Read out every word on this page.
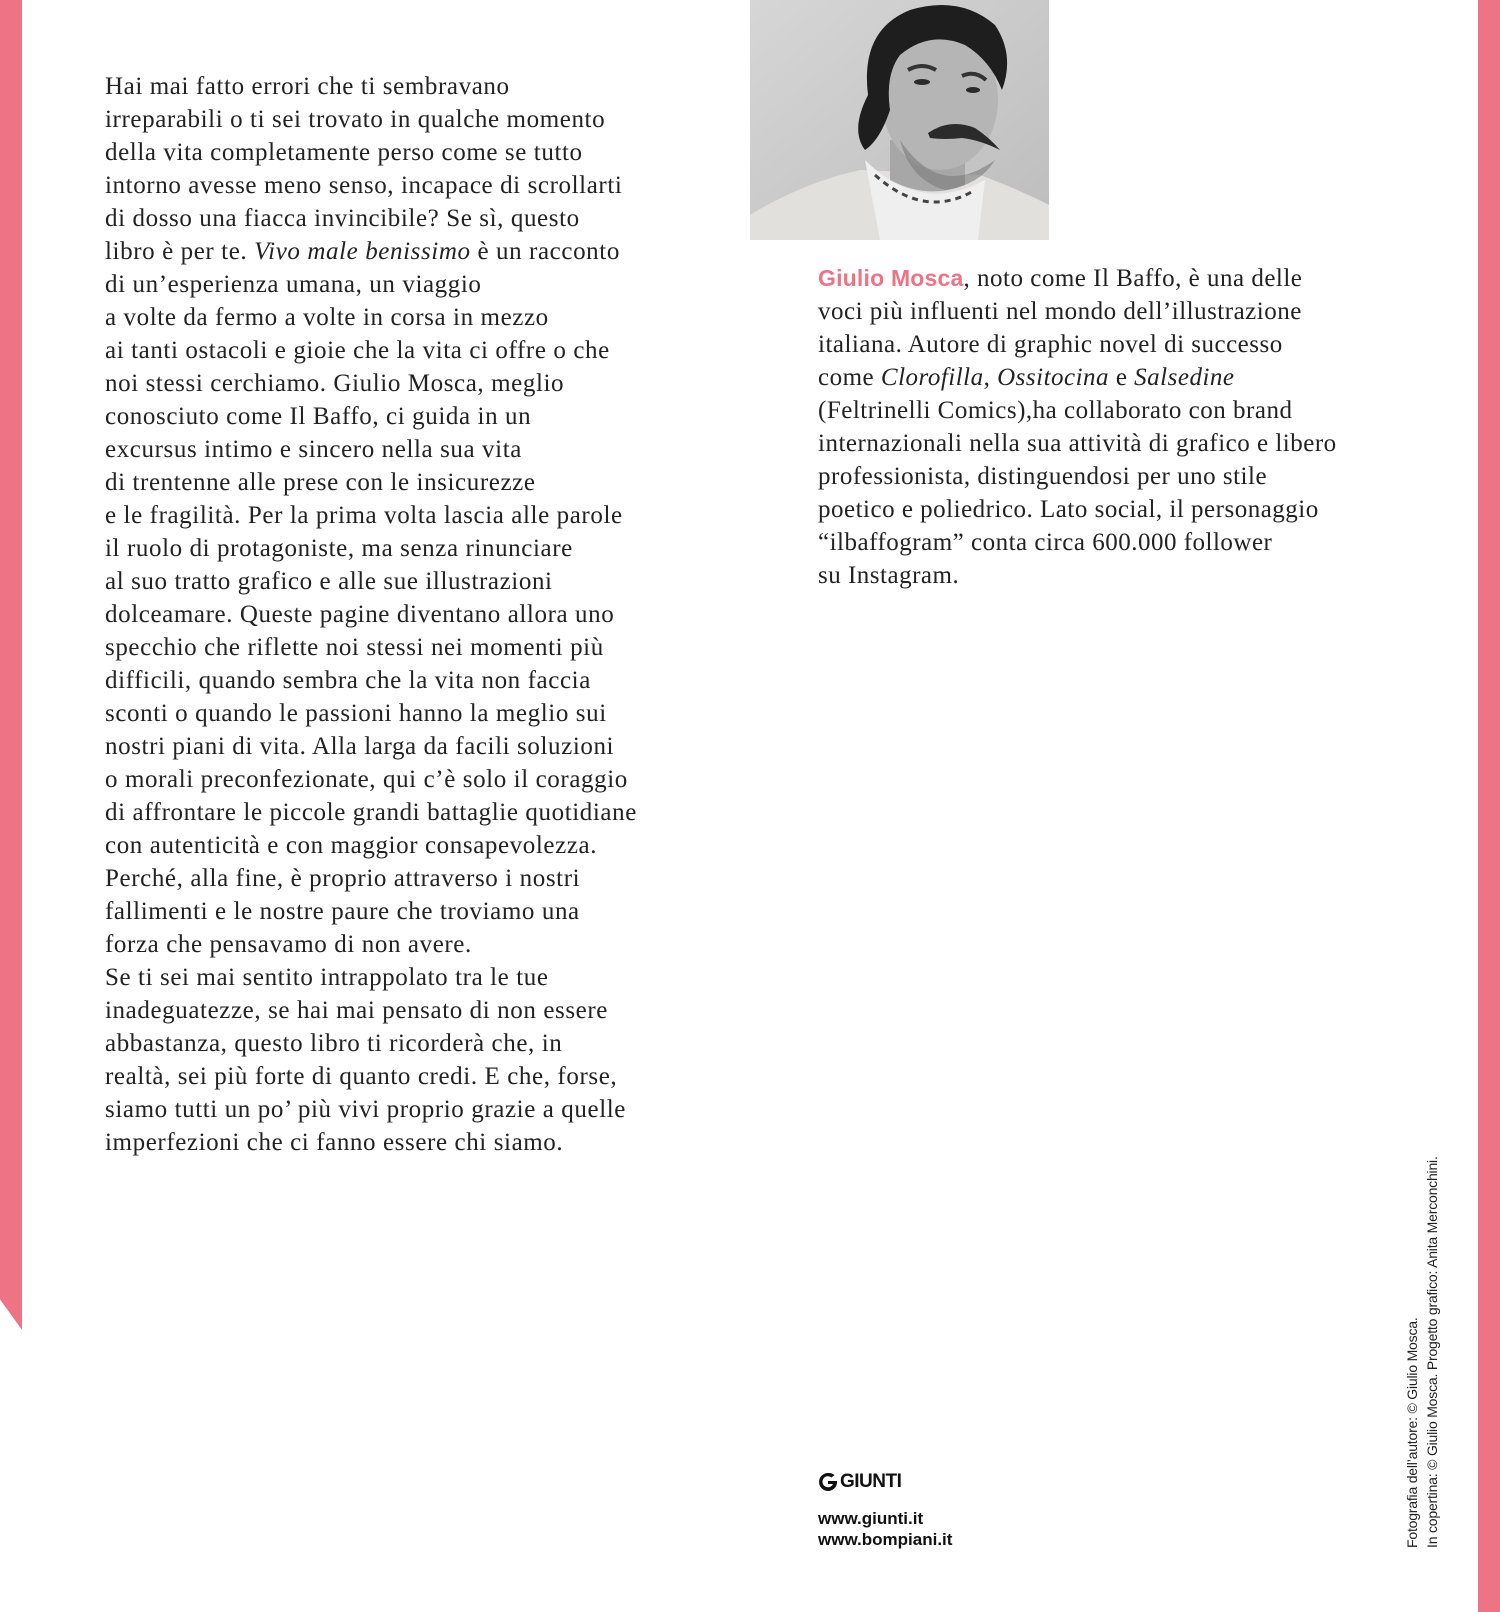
Hai mai fatto errori che ti sembravano
irreparabili o ti sei trovato in qualche momento
della vita completamente perso come se tutto
intorno avesse meno senso, incapace di scrollarti
di dosso una fiacca invincibile? Se sì, questo
libro è per te. Vivo male benissimo è un racconto
di un’esperienza umana, un viaggio
a volte da fermo a volte in corsa in mezzo
ai tanti ostacoli e gioie che la vita ci offre o che
noi stessi cerchiamo. Giulio Mosca, meglio
conosciuto come Il Baffo, ci guida in un
excursus intimo e sincero nella sua vita
di trentenne alle prese con le insicurezze
e le fragilità. Per la prima volta lascia alle parole
il ruolo di protagoniste, ma senza rinunciare
al suo tratto grafico e alle sue illustrazioni
dolceamare. Queste pagine diventano allora uno
specchio che riflette noi stessi nei momenti più
difficili, quando sembra che la vita non faccia
sconti o quando le passioni hanno la meglio sui
nostri piani di vita. Alla larga da facili soluzioni
o morali preconfezionate, qui c’è solo il coraggio
di affrontare le piccole grandi battaglie quotidiane
con autenticità e con maggior consapevolezza.
Perché, alla fine, è proprio attraverso i nostri
fallimenti e le nostre paure che troviamo una
forza che pensavamo di non avere.
Se ti sei mai sentito intrappolato tra le tue
inadeguatezze, se hai mai pensato di non essere
abbastanza, questo libro ti ricorderà che, in
realtà, sei più forte di quanto credi. E che, forse,
siamo tutti un po’ più vivi proprio grazie a quelle
imperfezioni che ci fanno essere chi siamo.
Giulio Mosca, noto come Il Baffo, è una delle
voci più influenti nel mondo dell’illustrazione
italiana. Autore di graphic novel di successo
come Clorofilla, Ossitocina e Salsedine
(Feltrinelli Comics),ha collaborato con brand
internazionali nella sua attività di grafico e libero
professionista, distinguendosi per uno stile
poetico e poliedrico. Lato social, il personaggio
“ilbaffogram” conta circa 600.000 follower
su Instagram.
GIUNTI
www.giunti.it
www.bompiani.it	Fotografia dell’autore: © Giulio Mosca. In copertina: © Giulio Mosca. Progetto grafico: Anita Merconchini.
